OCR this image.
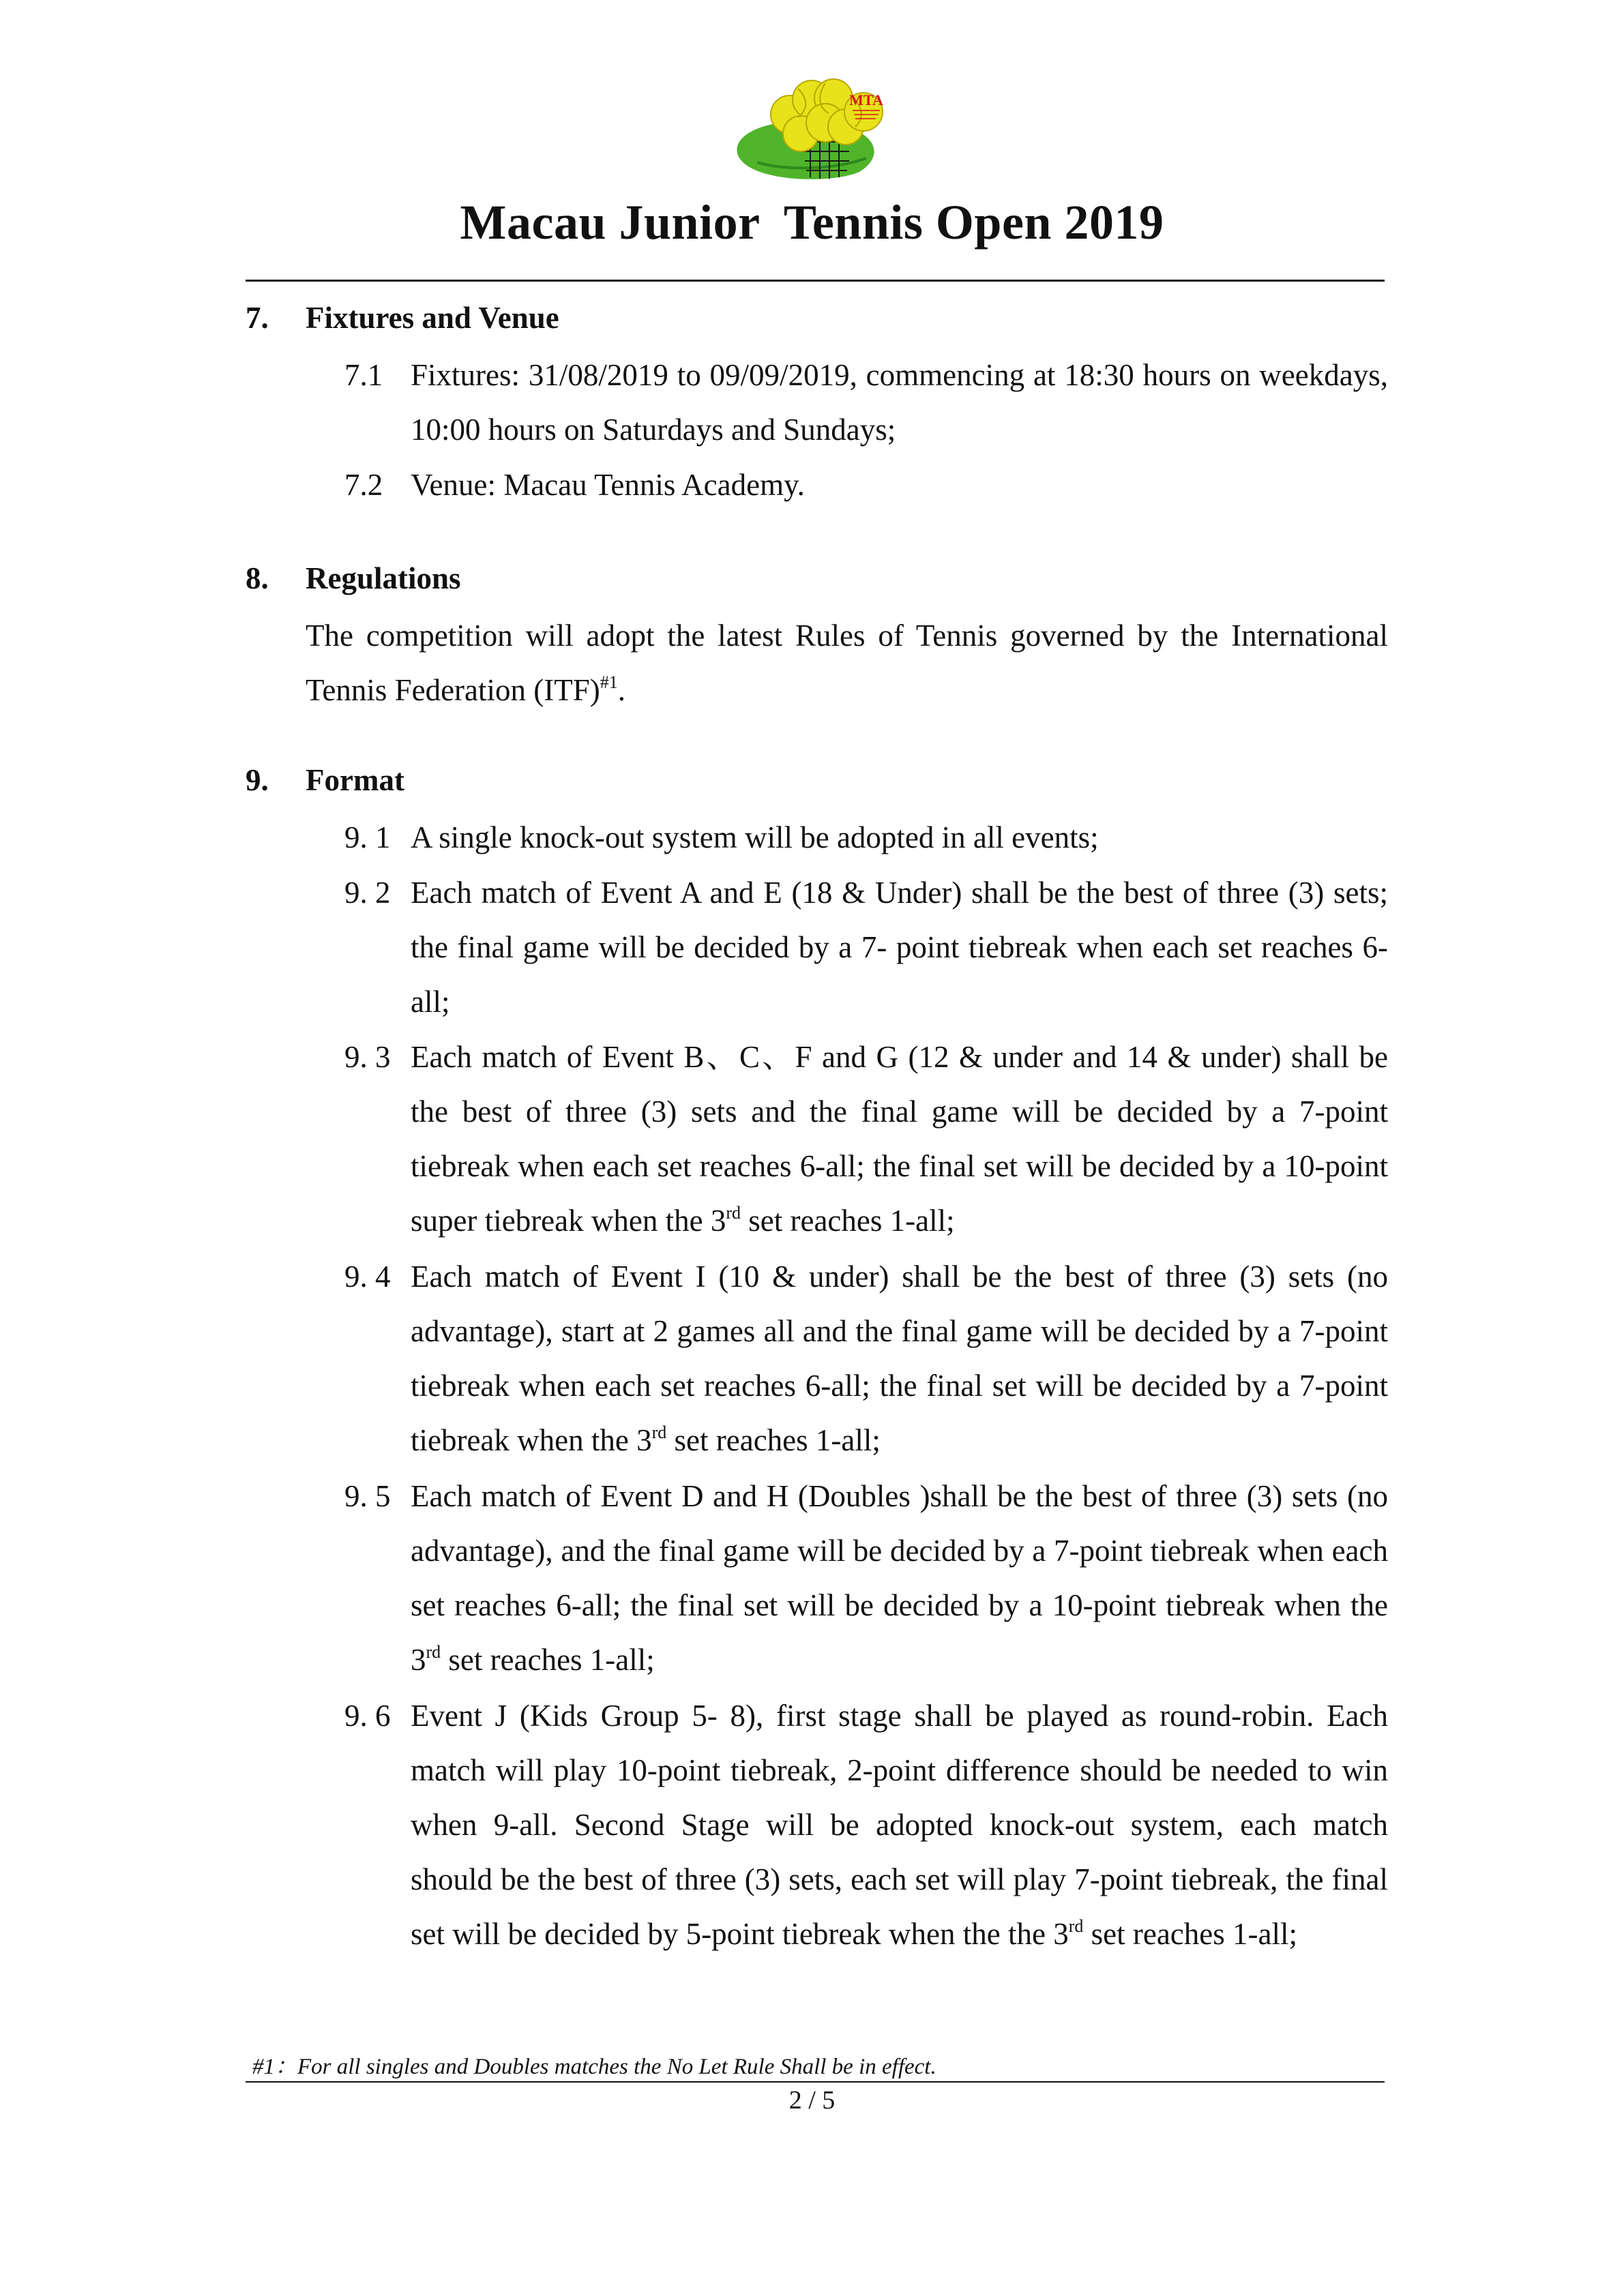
MTA
Macau Junior  Tennis Open 2019
7. Fixtures and Venue
7.1 Fixtures: 31/08/2019 to 09/09/2019, commencing at 18:30 hours on weekdays, 10:00 hours on Saturdays and Sundays;
7.2 Venue: Macau Tennis Academy.
8. Regulations
The competition will adopt the latest Rules of Tennis governed by the International Tennis Federation (ITF)$^{\#1}$.
9. Format
9. 1 A single knock-out system will be adopted in all events;
9. 2 Each match of Event A and E (18 & Under) shall be the best of three (3) sets; the final game will be decided by a 7- point tiebreak when each set reaches 6-all;
9. 3 Each match of Event B、C、F and G (12 & under and 14 & under) shall be the best of three (3) sets and the final game will be decided by a 7-point tiebreak when each set reaches 6-all; the final set will be decided by a 10-point super tiebreak when the 3rd set reaches 1-all;
9. 4 Each match of Event I (10 & under) shall be the best of three (3) sets (no advantage), start at 2 games all and the final game will be decided by a 7-point tiebreak when each set reaches 6-all; the final set will be decided by a 7-point tiebreak when the 3rd set reaches 1-all;
9. 5 Each match of Event D and H (Doubles )shall be the best of three (3) sets (no advantage), and the final game will be decided by a 7-point tiebreak when each set reaches 6-all; the final set will be decided by a 10-point tiebreak when the 3rd set reaches 1-all;
9. 6 Event J (Kids Group 5- 8), first stage shall be played as round-robin. Each match will play 10-point tiebreak, 2-point difference should be needed to win when 9-all. Second Stage will be adopted knock-out system, each match should be the best of three (3) sets, each set will play 7-point tiebreak, the final set will be decided by 5-point tiebreak when the the 3rd set reaches 1-all;
#1：For all singles and Doubles matches the No Let Rule Shall be in effect.
2 / 5
